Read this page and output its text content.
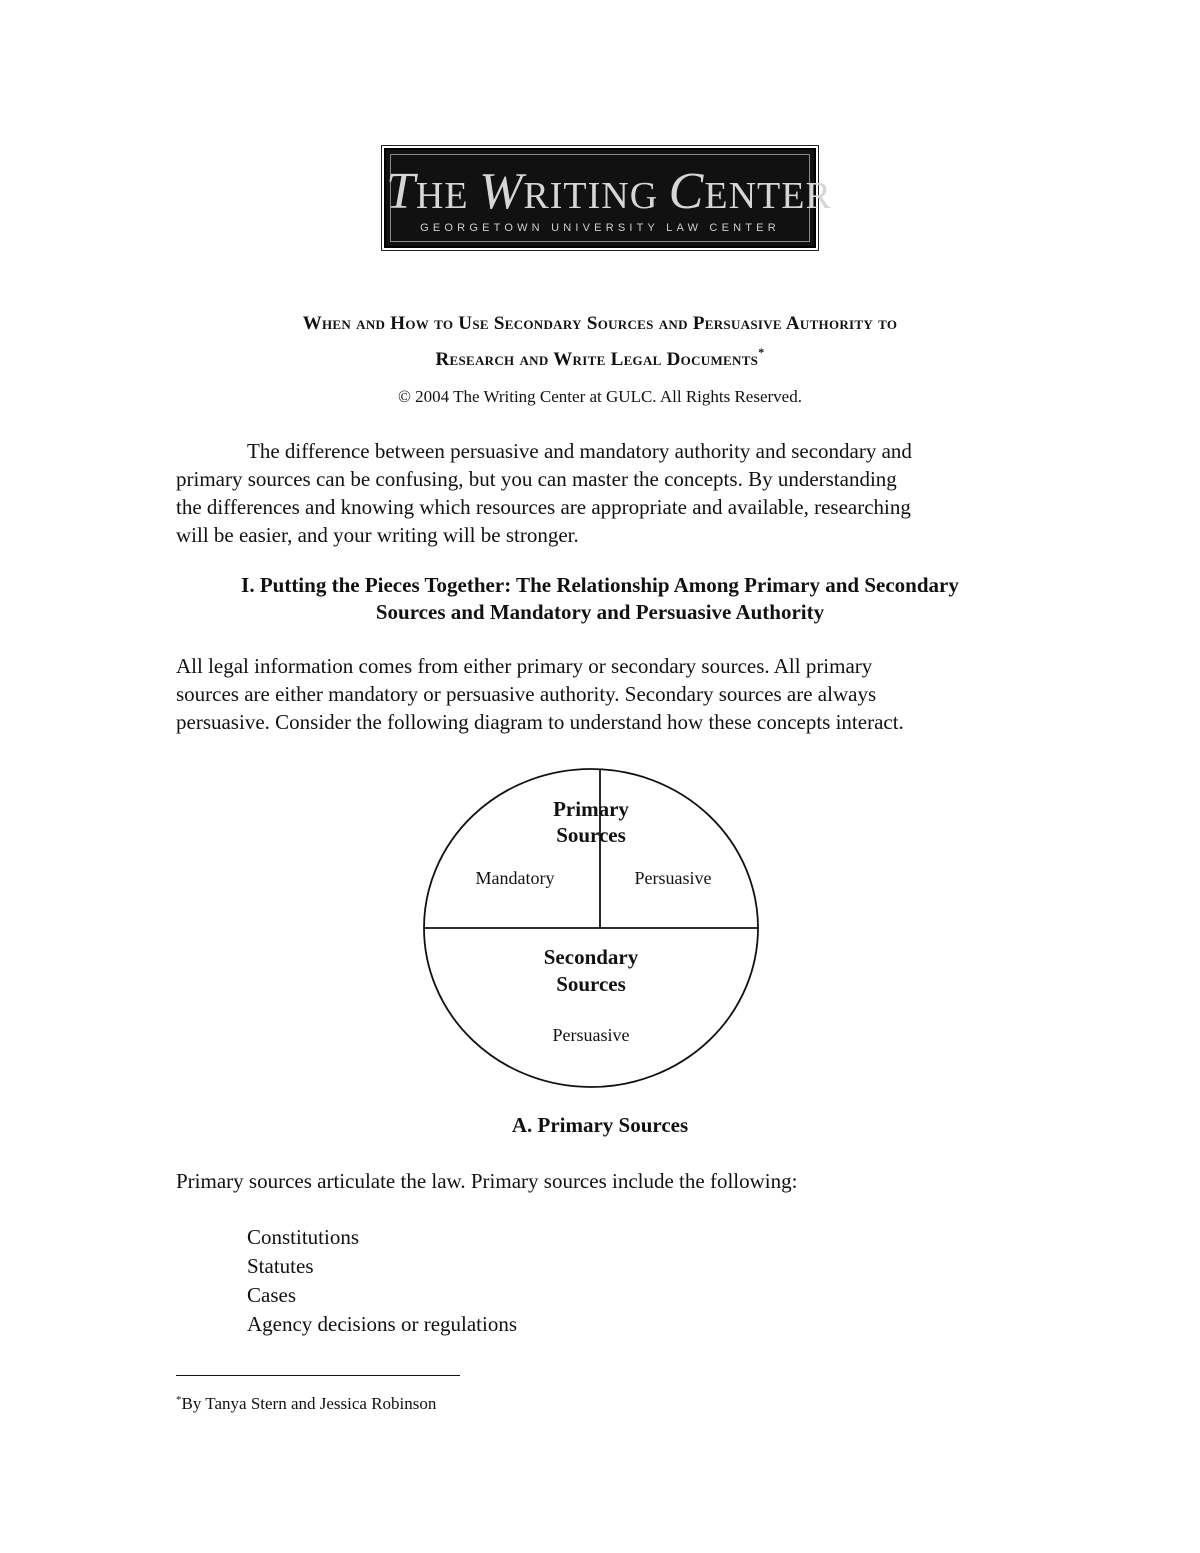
THE WRITING CENTER
GEORGETOWN UNIVERSITY LAW CENTER
When and How to Use Secondary Sources and Persuasive Authority to
Research and Write Legal Documents*
© 2004 The Writing Center at GULC. All Rights Reserved.
The difference between persuasive and mandatory authority and secondary and
primary sources can be confusing, but you can master the concepts. By understanding
the differences and knowing which resources are appropriate and available, researching
will be easier, and your writing will be stronger.
I. Putting the Pieces Together: The Relationship Among Primary and Secondary
Sources and Mandatory and Persuasive Authority
All legal information comes from either primary or secondary sources. All primary
sources are either mandatory or persuasive authority. Secondary sources are always
persuasive. Consider the following diagram to understand how these concepts interact.
Primary
Sources
Mandatory	Persuasive
Secondary
Sources
Persuasive
A. Primary Sources
Primary sources articulate the law. Primary sources include the following:
Constitutions
Statutes
Cases
Agency decisions or regulations
*By Tanya Stern and Jessica Robinson
